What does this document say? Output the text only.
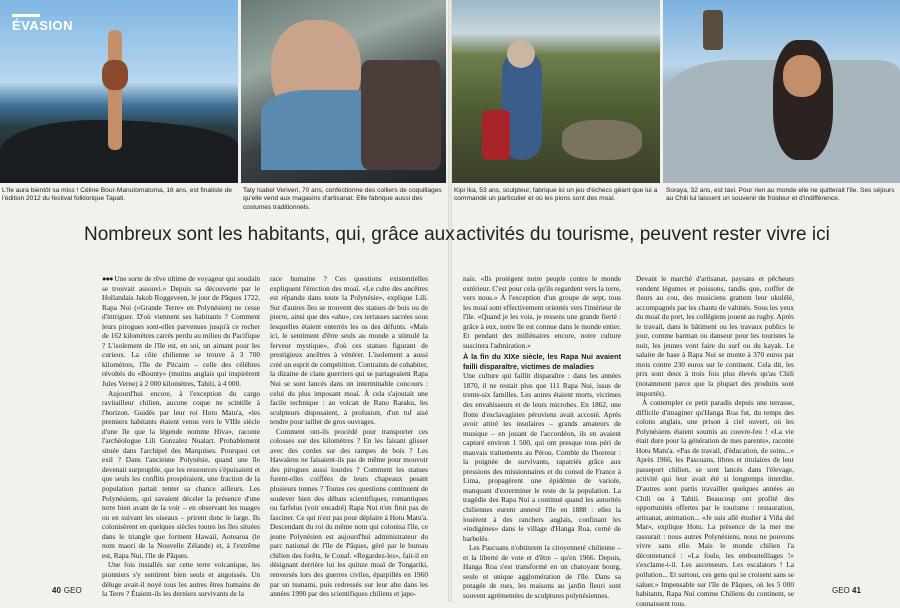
ÉVASION
L'île aura bientôt sa miss ! Céline Bour-Manutomatoma, 16 ans, est finaliste de l'édition 2012 du festival folklorique Tapati.
Taty Isabel Veriveri, 70 ans, confectionne des colliers de coquillages qu'elle vend aux magasins d'artisanat. Elle fabrique aussi des costumes traditionnels.
Kipi Ika, 53 ans, sculpteur, fabrique ici un jeu d'échecs géant que lui a commandé un particulier et où les pions sont des moaï.
Soraya, 32 ans, est taxi. Pour rien au monde elle ne quitterait l'île. Ses séjours au Chili lui laissent un souvenir de froideur et d'indifférence.
Nombreux sont les habitants, qui, grâce aux activités du tourisme, peuvent rester vivre ici

●●● Une sorte de rêve ultime de voyageur qui soudain se trouvait assouvi.» Depuis sa découverte par le Hollandais Jakob Roggeveen, le jour de Pâques 1722, Rapa Nui («Grande Terre» en Polynésien) ne cesse d'intriguer. D'où viennent ses habitants ? Comment leurs pirogues sont-elles parvenues jusqu'à ce rocher de 162 kilomètres carrés perdu au milieu du Pacifique ? L'isolement de l'île est, en soi, un aimant pour les curieux. La côte chilienne se trouve à 3 700 kilomètres, l'île de Pitcairn – celle des célèbres révoltés du «Bounty» (mutins anglais qui inspirèrent Jules Verne) à 2 000 kilomètres, Tahiti, à 4 000.

Aujourd'hui encore, à l'exception du cargo ravitailleur chilien, aucune coque ne scintille à l'horizon. Guidés par leur roi Hotu Matu'a, «les premiers habitants étaient venus vers le VIIIe siècle d'une île que la légende nomme Hiva», raconte l'archéologue Lili Gonzalez Nualart. Probablement située dans l'archipel des Marquises. Pourquoi cet exil ? Dans l'ancienne Polynésie, quand une île devenait surpeuplée, que les ressources s'épuisaient et que seuls les conflits prospéraient, une fraction de la population partait tenter sa chance ailleurs. Les Polynésiens, qui savaient déceler la présence d'une terre bien avant de la voir – en observant les nuages ou en suivant les oiseaux – prirent donc le large. Ils colonisèrent en quelques siècles toutes les îles situées dans le triangle que forment Hawaii, Aotearoa (le nom maori de la Nouvelle Zélande) et, à l'extrême est, Rapa Nui, l'île de Pâques.

Une fois installés sur cette terre volcanique, les pionniers s'y sentirent bien seuls et angoissés. Un déluge avait-il noyé tous les autres êtres humains de la Terre ? Étaient-ils les derniers survivants de la

race humaine ? Ces questions existentielles expliquent l'érection des moaï. «Le culte des ancêtres est répandu dans toute la Polynésie», explique Lili. Sur d'autres îles se trouvent des statues de bois ou de pierre, ainsi que des «ahu», ces terrasses sacrées sous lesquelles étaient enterrés les os des défunts. «Mais ici, le sentiment d'être seuls au monde a stimulé la ferveur mystique», d'où ces statues figurant de prestigieux ancêtres à vénérer. L'isolement a aussi créé un esprit de compétition. Contraints de cohabiter, la dizaine de clans guerriers qui se partageaient Rapa Nui se sont lancés dans un interminable concours : celui du plus imposant moaï. À cela s'ajoutait une facile technique : au volcan de Rano Raraku, les sculpteurs disposaient, à profusion, d'un tuf aisé tendre pour tailler de gros ouvrages.

Comment ont-ils procédé pour transporter ces colosses sur des kilomètres ? En les faisant glisser avec des cordes sur des rampes de bois ? Les Hawaïens ne faisaient-ils pas de même pour mouvoir des pirogues aussi lourdes ? Comment les statues furent-elles coiffées de leurs chapeaux pesant plusieurs tonnes ? Toutes ces questions continuent de soulever bien des débats scientifiques, romantiques ou farfelus (voir encadré) Rapa Nui n'en finit pas de fasciner. Ce qui n'est pas pour déplaire à Hotu Matu'a. Descendant du roi du même nom qui colonisa l'île, ce jeune Polynésien est aujourd'hui administrateur du parc national de l'île de Pâques, géré par le bureau chilien des forêts, le Conaf. «Regardez-les», fait-il en désignant derrière lui les quinze moaï de Tongariki, renversés lors des guerres civiles, éparpillés en 1960 par un tsunami, puis redressés sur leur ahu dans les années 1990 par des scientifiques chiliens et japo-

nais. «Ils protègent notre peuple contre le monde extérieur. C'est pour cela qu'ils regardent vers la terre, vers nous.» À l'exception d'un groupe de sept, tous les moaï sont effectivement orientés vers l'intérieur de l'île. «Quand je les vois, je ressens une grande fierté : grâce à eux, notre île est connue dans le monde entier. Et pendant des millénaires encore, notre culture suscitera l'admiration.»

À la fin du XIXe siècle, les Rapa Nui avaient failli disparaître, victimes de maladies

Une culture qui faillit disparaître : dans les années 1870, il ne restait plus que 111 Rapa Nui, issus de trente-six familles. Les autres étaient morts, victimes des envahisseurs et de leurs microbes. En 1862, une flotte d'esclavagistes péruviens avait accosté. Après avoir attiré les insulaires – grands amateurs de musique – en jouant de l'accordéon, ils en avaient capturé environ 1 500, qui ont presque tous péri de mauvais traitements au Pérou. Comble de l'horreur : la poignée de survivants, rapatriés grâce aux pressions des missionnaires et du consul de France à Lima, propagèrent une épidémie de variole, manquant d'exterminer le reste de la population. La tragédie des Rapa Nui a continué quand les autorités chiliennes eurent annexé l'île en 1888 : elles la louèrent à des ranchers anglais, confinant les «indigènes» dans le village d'Hanga Roa, cerné de barbelés.

Les Pascuans n'obtinrent la citoyenneté chilienne – et la liberté de vote et d'être – qu'en 1966. Depuis, Hanga Roa s'est transformé en un chatoyant bourg, seule et unique agglomération de l'île. Dans sa potagée de rues, les maisons au jardin fleuri sont souvent agrémentées de sculptures polynésiennes.

Devant le marché d'artisanat, paysans et pêcheurs vendent légumes et poissons, tandis que, coiffer de fleurs au cou, des musiciens grattent leur ukulélé, accompagnés par les chants de vahinés. Sous les yeux du moaï du port, les collégiens jouent au rugby. Après le travail, dans le bâtiment ou les travaux publics le jour, comme barman ou danseur pour les touristes la nuit, les jeunes vont faire du surf ou du kayak. Le salaire de base à Rapa Nui se monte à 370 euros par mois contre 230 euros sur le continent. Cela dit, les prix sont deux à trois fois plus élevés qu'au Chili (notamment parce que la plupart des produits sont importés).

À contempler ce petit paradis depuis une terrasse, difficile d'imaginer qu'Hanga Roa fut, du temps des colons anglais, une prison à ciel ouvert, où les Polynésiens étaient soumis au couvre-feu ! «La vie était dure pour la génération de mes parents», raconte Hotu Matu'a. «Pas de travail, d'éducation, de soins...» Après 1966, les Pascuans, libres et titulaires de leur passeport chilien, se sont lancés dans l'élevage, activité qui leur avait été si longtemps interdite. D'autres sont partis travailler quelques années au Chili ou à Tahiti. Beaucoup ont profité des opportunités offertes par le tourisme : restauration, artisanat, animation... «Je suis allé étudier à Viña del Mar», explique Hotu. La présence de la mer me rassurait : nous autres Polynésiens, nous ne pouvons vivre sans elle. Mais le monde chilien l'a décontenancé : «La foule, les embouteillages !» s'exclame-t-il. Les ascenseurs. Les escalators ! La pollution... Et surtout, ces gens qui se croisent sans se saluer.» Impensable sur l'île de Pâques, où les 5 000 habitants, Rapa Nui comme Chiliens du continent, se connaissent tous.

40 GEO	GEO 41
